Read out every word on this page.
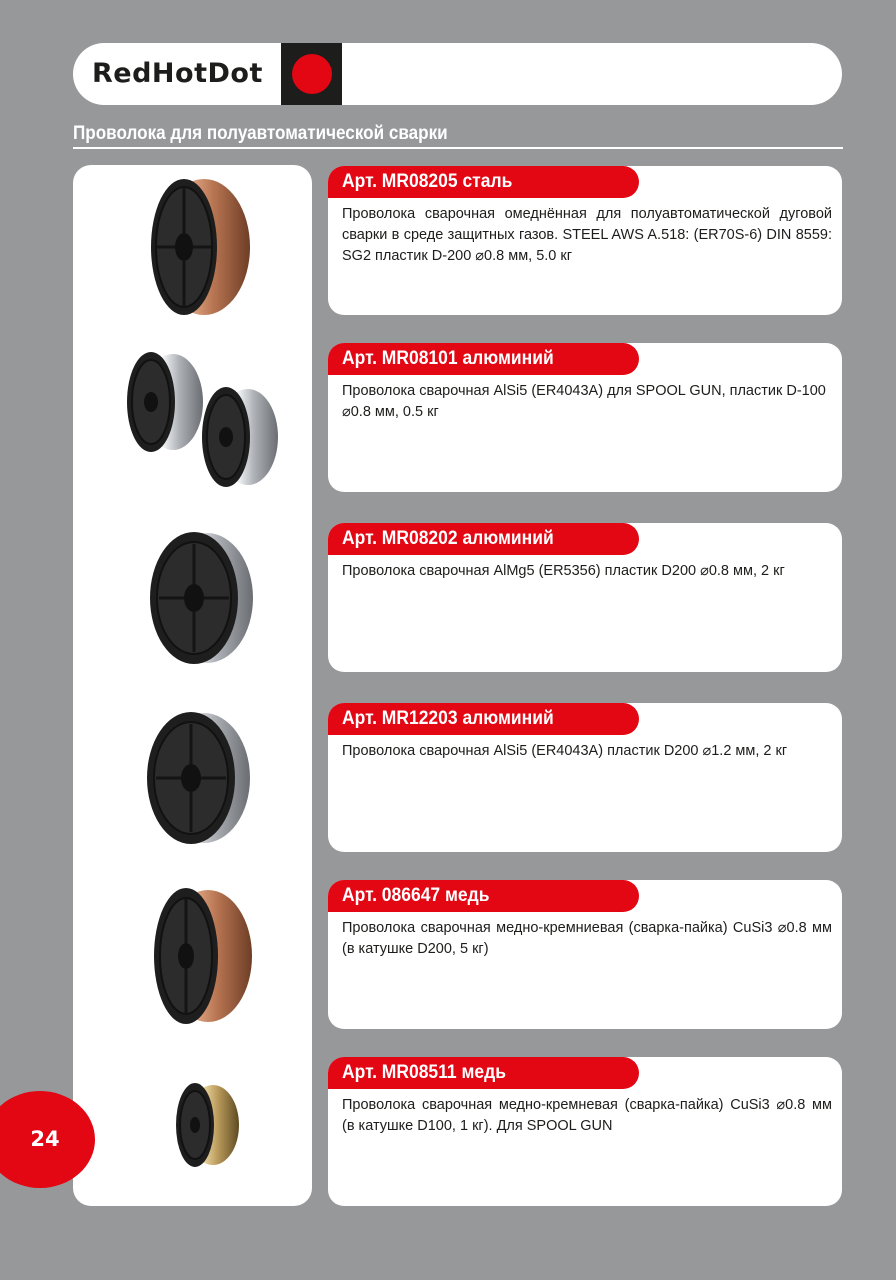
RedHotDot
Проволока для полуавтоматической сварки
Арт. MR08205 сталь
Проволока сварочная омеднённая для полуавтоматической дуговой сварки в среде защитных газов. STEEL AWS A.518: (ER70S-6) DIN 8559: SG2 пластик D-200 ⌀0.8 мм, 5.0 кг
Арт. MR08101 алюминий
Проволока сварочная AlSi5 (ER4043A) для SPOOL GUN, пластик D-100 ⌀0.8 мм, 0.5 кг
Арт. MR08202 алюминий
Проволока сварочная AlMg5 (ER5356) пластик D200 ⌀0.8 мм, 2 кг
Арт. MR12203 алюминий
Проволока сварочная AlSi5 (ER4043A) пластик D200 ⌀1.2 мм, 2 кг
Арт. 086647 медь
Проволока сварочная медно-кремниевая (сварка-пайка) CuSi3 ⌀0.8 мм (в катушке D200, 5 кг)
Арт. MR08511 медь
Проволока сварочная медно-кремневая (сварка-пайка) CuSi3 ⌀0.8 мм (в катушке D100, 1 кг). Для SPOOL GUN
24
